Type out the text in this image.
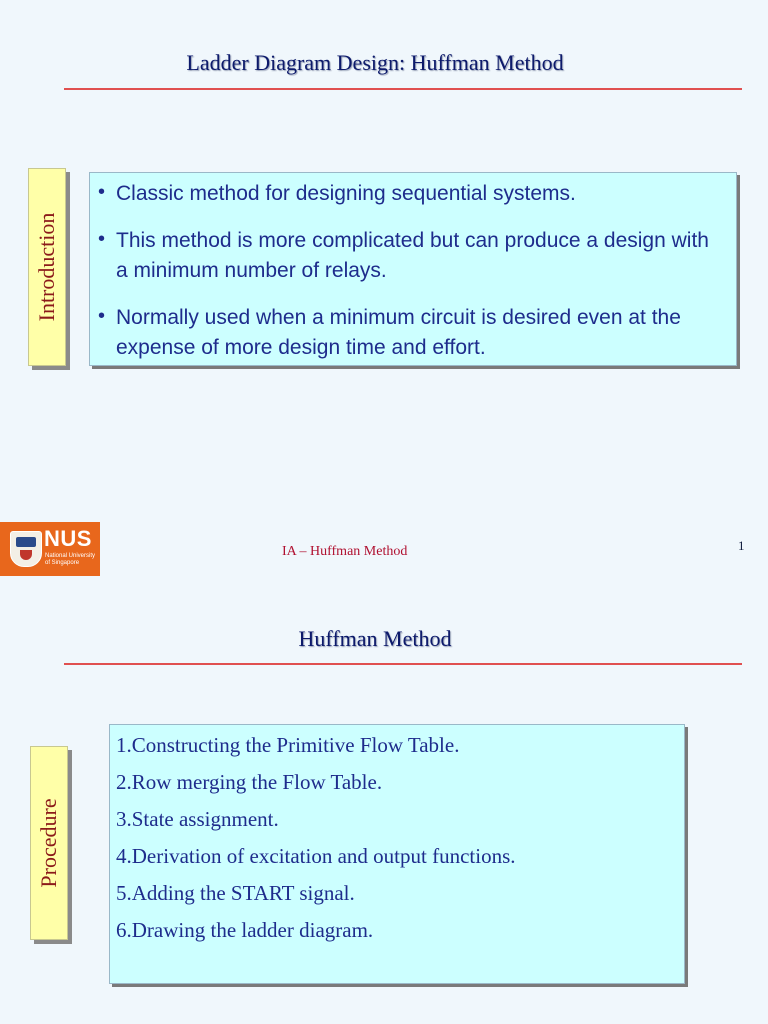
Ladder Diagram Design: Huffman Method
Introduction
• Classic method for designing sequential systems.
• This method is more complicated but can produce a design with a minimum number of relays.
• Normally used when a minimum circuit is desired even at the expense of more design time and effort.
NUS
National University of Singapore
IA – Huffman Method	1
Huffman Method
Procedure
1.Constructing the Primitive Flow Table.
2.Row merging the Flow Table.
3.State assignment.
4.Derivation of excitation and output functions.
5.Adding the START signal.
6.Drawing the ladder diagram.
